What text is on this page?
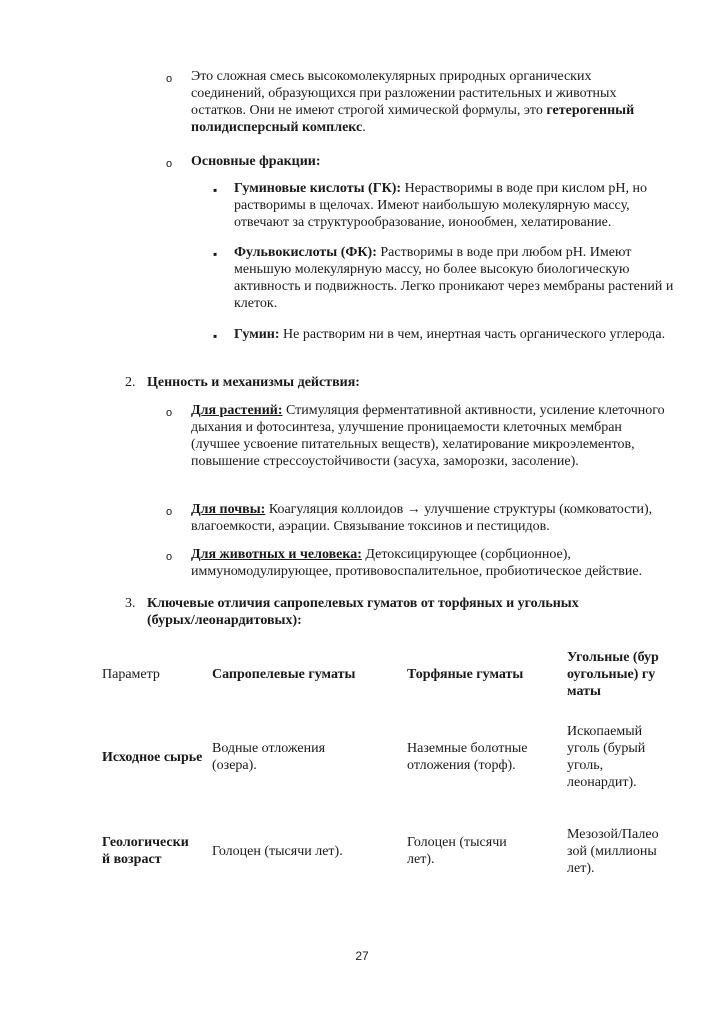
o Это сложная смесь высокомолекулярных природных органических соединений, образующихся при разложении растительных и животных остатков. Они не имеют строгой химической формулы, это гетерогенный полидисперсный комплекс.
o Основные фракции:
▪ Гуминовые кислоты (ГК): Нерастворимы в воде при кислом pH, но растворимы в щелочах. Имеют наибольшую молекулярную массу, отвечают за структурообразование, ионообмен, хелатирование.
▪ Фульвокислоты (ФК): Растворимы в воде при любом pH. Имеют меньшую молекулярную массу, но более высокую биологическую активность и подвижность. Легко проникают через мембраны растений и клеток.
▪ Гумин: Не растворим ни в чем, инертная часть органического углерода.
2. Ценность и механизмы действия:
o Для растений: Стимуляция ферментативной активности, усиление клеточного дыхания и фотосинтеза, улучшение проницаемости клеточных мембран (лучшее усвоение питательных веществ), хелатирование микроэлементов, повышение стрессоустойчивости (засуха, заморозки, засоление).
o Для почвы: Коагуляция коллоидов → улучшение структуры (комковатости), влагоемкости, аэрации. Связывание токсинов и пестицидов.
o Для животных и человека: Детоксицирующее (сорбционное), иммуномодулирующее, противовоспалительное, пробиотическое действие.
3. Ключевые отличия сапропелевых гуматов от торфяных и угольных (бурых/леонардитовых):
Параметр	Сапропелевые гуматы	Торфяные гуматы	Угольные (буроугольные) гуматы
Исходное сырье	Водные отложения (озера).	Наземные болотные отложения (торф).	Ископаемый уголь (бурый уголь, леонардит).
Геологический возраст	Голоцен (тысячи лет).	Голоцен (тысячи лет).	Мезозой/Палеозой (миллионы лет).
27
